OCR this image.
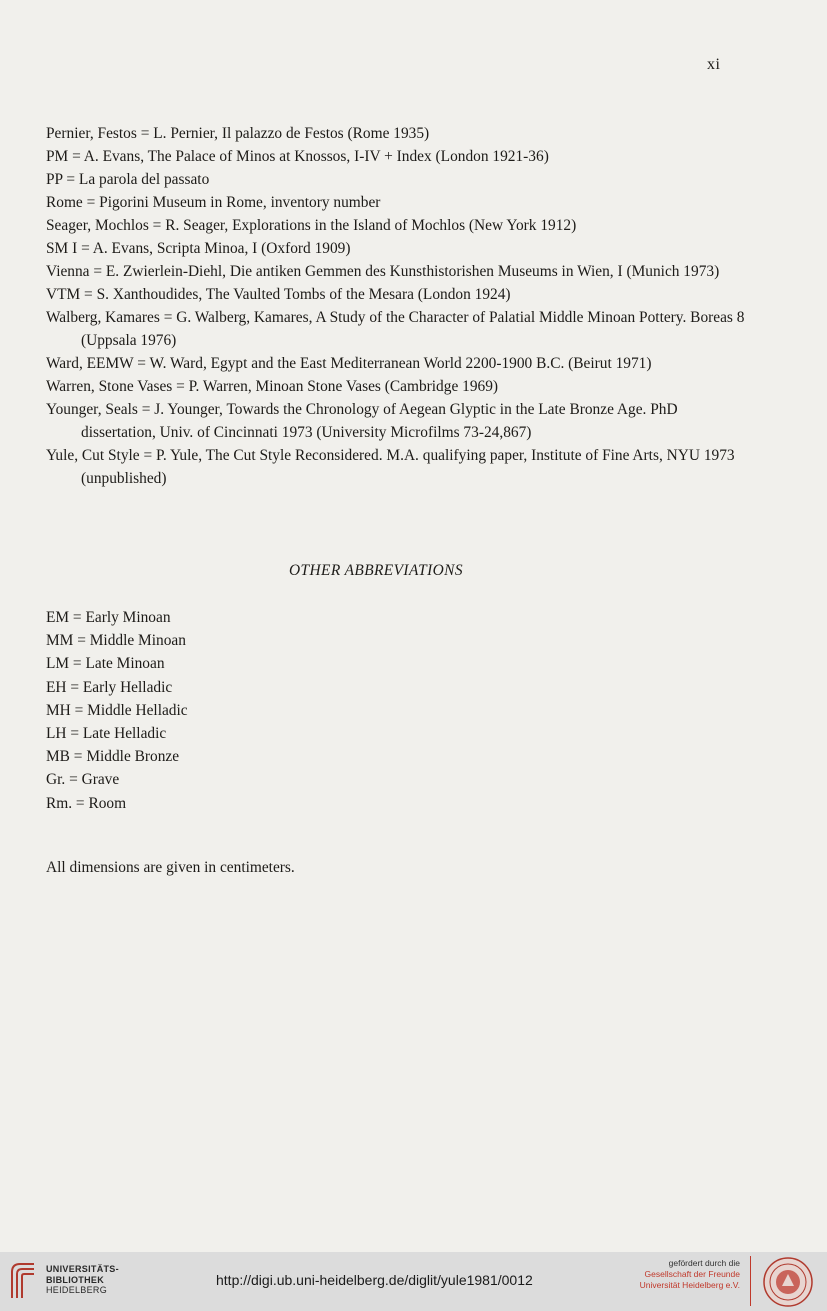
xi

Pernier, Festos = L. Pernier, Il palazzo de Festos (Rome 1935)

PM = A. Evans, The Palace of Minos at Knossos, I-IV + Index (London 1921-36)

PP = La parola del passato

Rome = Pigorini Museum in Rome, inventory number

Seager, Mochlos = R. Seager, Explorations in the Island of Mochlos (New York 1912)

SM I = A. Evans, Scripta Minoa, I (Oxford 1909)

Vienna = E. Zwierlein-Diehl, Die antiken Gemmen des Kunsthistorishen Museums in Wien, I (Munich 1973)

VTM = S. Xanthoudides, The Vaulted Tombs of the Mesara (London 1924)

Walberg, Kamares = G. Walberg, Kamares, A Study of the Character of Palatial Middle Minoan Pottery. Boreas 8 (Uppsala 1976)

Ward, EEMW = W. Ward, Egypt and the East Mediterranean World 2200-1900 B.C. (Beirut 1971)

Warren, Stone Vases = P. Warren, Minoan Stone Vases (Cambridge 1969)

Younger, Seals = J. Younger, Towards the Chronology of Aegean Glyptic in the Late Bronze Age. PhD dissertation, Univ. of Cincinnati 1973 (University Microfilms 73-24,867)

Yule, Cut Style = P. Yule, The Cut Style Reconsidered. M.A. qualifying paper, Institute of Fine Arts, NYU 1973 (unpublished)

OTHER ABBREVIATIONS

EM = Early Minoan

MM = Middle Minoan

LM = Late Minoan

EH = Early Helladic

MH = Middle Helladic

LH = Late Helladic

MB = Middle Bronze

Gr. = Grave

Rm. = Room

All dimensions are given in centimeters.

UNIVERSITÄTS-
BIBLIOTHEK
HEIDELBERG
http://digi.ub.uni-heidelberg.de/diglit/yule1981/0012
gefördert durch die
Gesellschaft der Freunde
Universität Heidelberg e.V.
